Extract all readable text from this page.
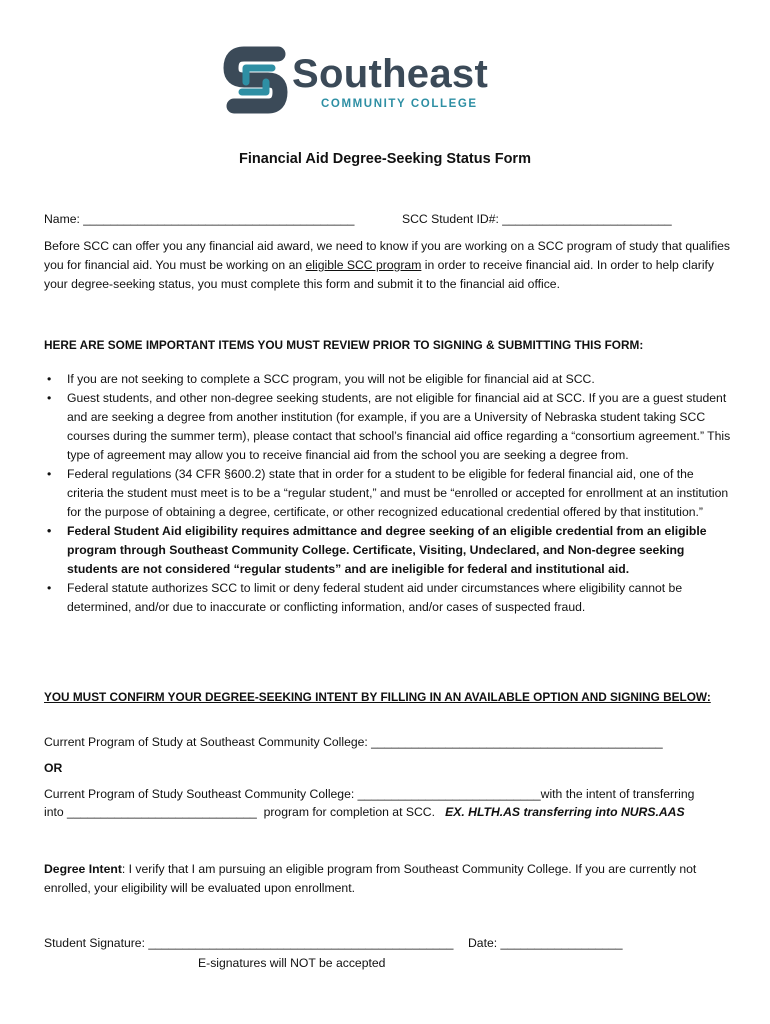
Southeast
COMMUNITY COLLEGE
Financial Aid Degree-Seeking Status Form
Name: ________________________________________	SCC Student ID#: _________________________
Before SCC can offer you any financial aid award, we need to know if you are working on a SCC program of study that qualifies you for financial aid. You must be working on an eligible SCC program in order to receive financial aid. In order to help clarify your degree-seeking status, you must complete this form and submit it to the financial aid office.
HERE ARE SOME IMPORTANT ITEMS YOU MUST REVIEW PRIOR TO SIGNING & SUBMITTING THIS FORM:
• If you are not seeking to complete a SCC program, you will not be eligible for financial aid at SCC.
• Guest students, and other non-degree seeking students, are not eligible for financial aid at SCC. If you are a guest student and are seeking a degree from another institution (for example, if you are a University of Nebraska student taking SCC courses during the summer term), please contact that school’s financial aid office regarding a “consortium agreement.” This type of agreement may allow you to receive financial aid from the school you are seeking a degree from.
• Federal regulations (34 CFR §600.2) state that in order for a student to be eligible for federal financial aid, one of the criteria the student must meet is to be a “regular student,” and must be “enrolled or accepted for enrollment at an institution for the purpose of obtaining a degree, certificate, or other recognized educational credential offered by that institution.”
• Federal Student Aid eligibility requires admittance and degree seeking of an eligible credential from an eligible program through Southeast Community College. Certificate, Visiting, Undeclared, and Non-degree seeking students are not considered “regular students” and are ineligible for federal and institutional aid.
• Federal statute authorizes SCC to limit or deny federal student aid under circumstances where eligibility cannot be determined, and/or due to inaccurate or conflicting information, and/or cases of suspected fraud.
YOU MUST CONFIRM YOUR DEGREE-SEEKING INTENT BY FILLING IN AN AVAILABLE OPTION AND SIGNING BELOW:
Current Program of Study at Southeast Community College: ___________________________________________
OR
Current Program of Study Southeast Community College: ___________________________with the intent of transferring
into ____________________________  program for completion at SCC.   EX. HLTH.AS transferring into NURS.AAS
Degree Intent: I verify that I am pursuing an eligible program from Southeast Community College. If you are currently not enrolled, your eligibility will be evaluated upon enrollment.
Student Signature: _____________________________________________ Date: __________________
E-signatures will NOT be accepted
